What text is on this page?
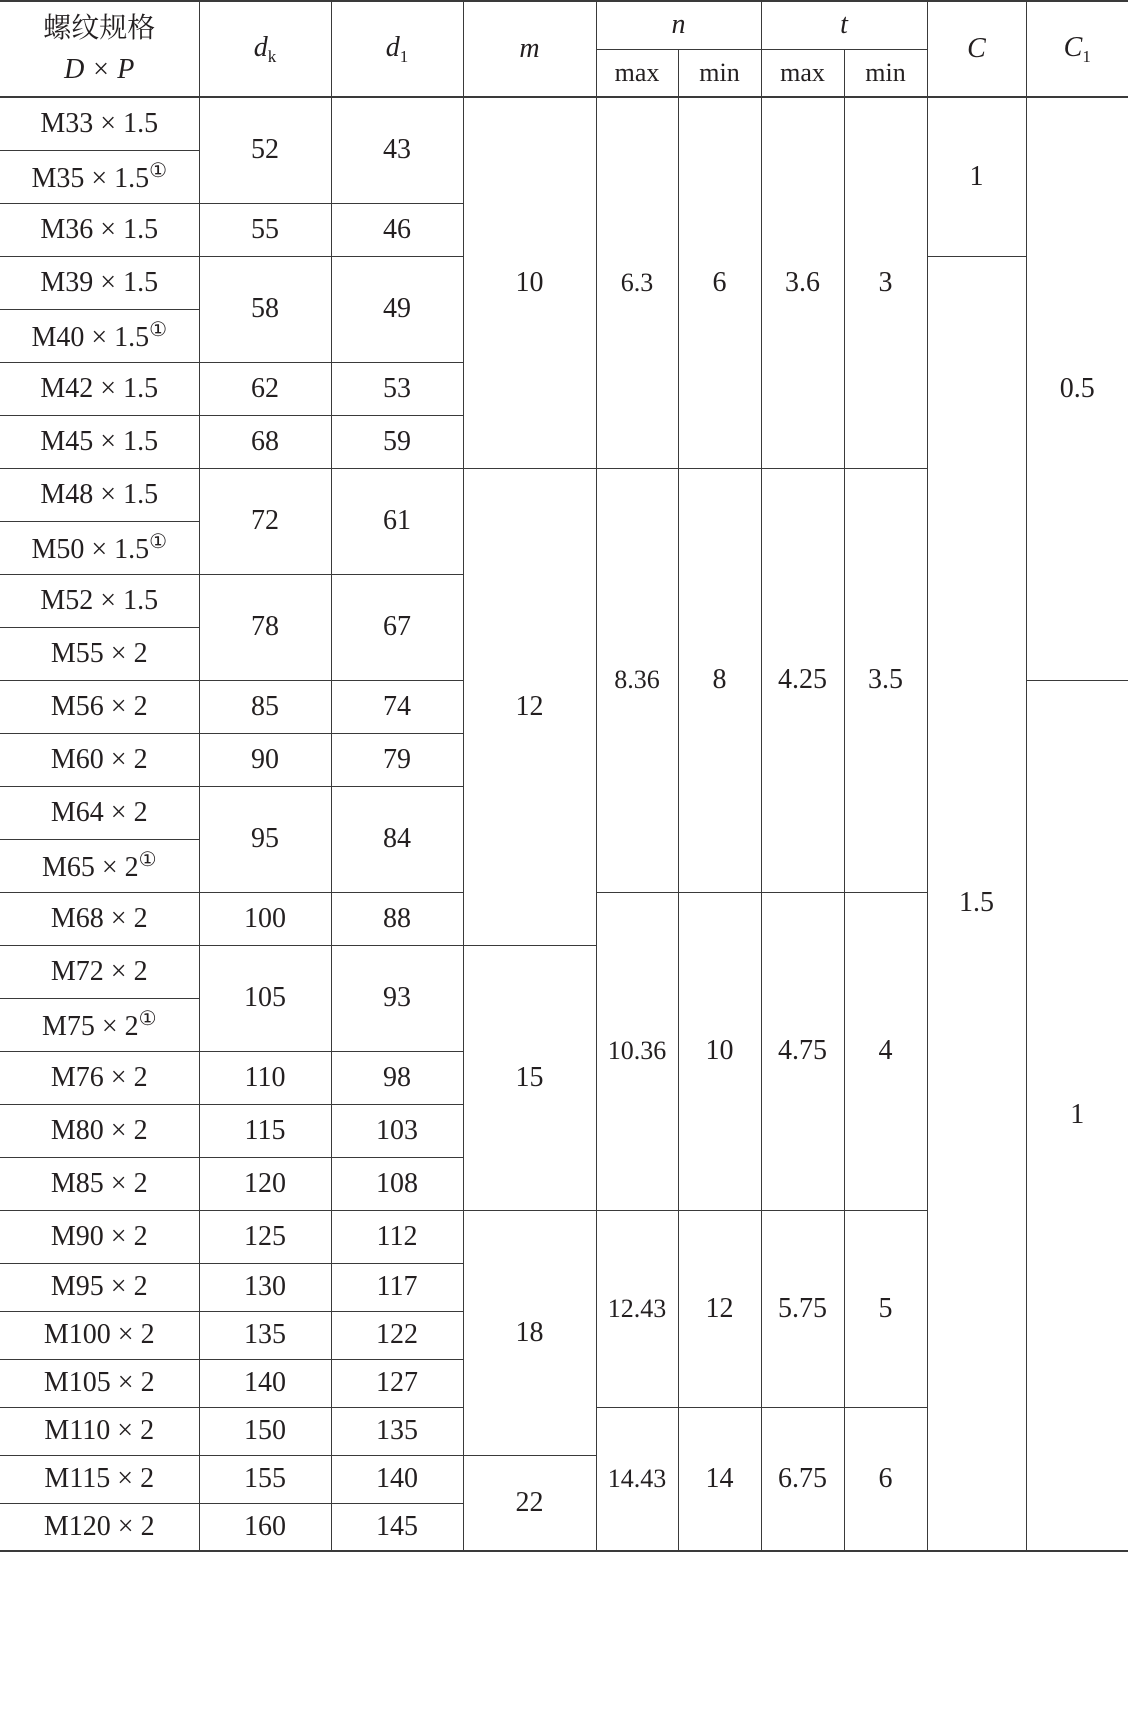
螺纹规格
D × P	$d_k$	$d_1$	m	n		t		C	$C_1$
				max	min	max	min		
M33 × 1.5	52	43	10	6.3	6	3.6	3	1	0.5
M35 × 1.5①
M36 × 1.5	55	46							
M39 × 1.5	58	49						1.5	
M40 × 1.5①
M42 × 1.5	62	53							
M45 × 1.5	68	59							
M48 × 1.5	72	61	12	8.36	8	4.25	3.5		
M50 × 1.5①
M52 × 1.5	78	67							
M55 × 2									
M56 × 2	85	74							1
M60 × 2	90	79							
M64 × 2	95	84							
M65 × 2①
M68 × 2	100	88		10.36	10	4.75	4		
M72 × 2	105	93	15						
M75 × 2①
M76 × 2	110	98							
M80 × 2	115	103							
M85 × 2	120	108							
M90 × 2	125	112	18	12.43	12	5.75	5		
M95 × 2	130	117							
M100 × 2	135	122							
M105 × 2	140	127							
M110 × 2	150	135		14.43	14	6.75	6		
M115 × 2	155	140	22						
M120 × 2	160	145							
